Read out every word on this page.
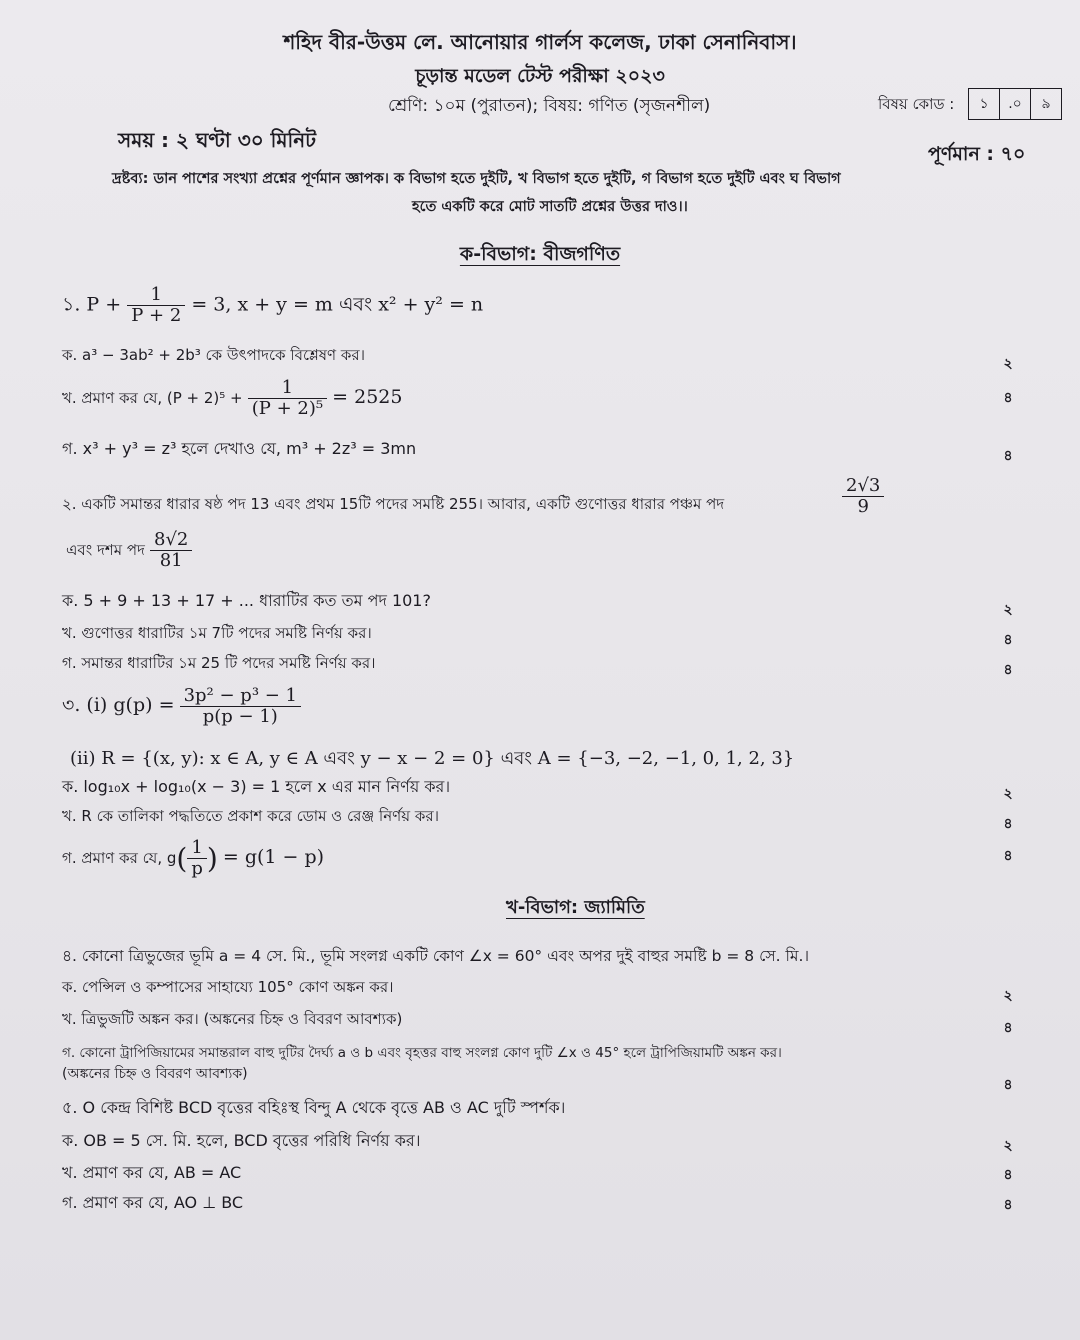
শহিদ বীর-উত্তম লে. আনোয়ার গার্লস কলেজ, ঢাকা সেনানিবাস।
চূড়ান্ত মডেল টেস্ট পরীক্ষা ২০২৩
শ্রেণি: ১০ম (পুরাতন); বিষয়: গণিত (সৃজনশীল)	বিষয় কোড :	১	.০	৯
সময় : ২ ঘণ্টা ৩০ মিনিট
পূর্ণমান : ৭০
দ্রষ্টব্য: ডান পাশের সংখ্যা প্রশ্নের পূর্ণমান জ্ঞাপক। ক বিভাগ হতে দুইটি, খ বিভাগ হতে দুইটি, গ বিভাগ হতে দুইটি এবং ঘ বিভাগ
হতে একটি করে মোট সাতটি প্রশ্নের উত্তর দাও।।
ক-বিভাগ: বীজগণিত
১. $P + \frac{1}{P + 2} = 3$, x + y = m এবং x² + y² = n
ক. a³ − 3ab² + 2b³ কে উৎপাদকে বিশ্লেষণ কর।	২
খ. প্রমাণ কর যে, $(P + 2)^5 + \frac{1}{\text{(P + 2)⁵}} = 2525$	৪
গ. x³ + y³ = z³ হলে দেখাও যে, m³ + 2z³ = 3mn	৪
২. একটি সমান্তর ধারার ষষ্ঠ পদ 13 এবং প্রথম 15টি পদের সমষ্টি 255। আবার, একটি গুণোত্তর ধারার পঞ্চম পদ	$\frac{2√3}{9}$
এবং দশম পদ $\frac{8√2}{81}$
ক. 5 + 9 + 13 + 17 + ... ধারাটির কত তম পদ 101?	২
খ. গুণোত্তর ধারাটির ১ম 7টি পদের সমষ্টি নির্ণয় কর।	৪
গ. সমান্তর ধারাটির ১ম 25 টি পদের সমষ্টি নির্ণয় কর।	৪
৩. (i) $g(p) = \frac{\text{3p² − p³ − 1}}{p(p - 1)}$
(ii) R = {(x, y): x ∈ A, y ∈ A এবং y − x − 2 = 0} এবং A = {−3, −2, −1, 0, 1, 2, 3}
ক. log₁₀x + log₁₀(x − 3) = 1 হলে x এর মান নির্ণয় কর।	২
খ. R কে তালিকা পদ্ধতিতে প্রকাশ করে ডোম ও রেঞ্জ নির্ণয় কর।	৪
গ. প্রমাণ কর যে, $g( \frac{1}{p}$ ) = g(1 − p)	৪
খ-বিভাগ: জ্যামিতি
৪. কোনো ত্রিভুজের ভূমি a = 4 সে. মি., ভূমি সংলগ্ন একটি কোণ ∠x = 60° এবং অপর দুই বাহুর সমষ্টি b = 8 সে. মি.।
ক. পেন্সিল ও কম্পাসের সাহায্যে 105° কোণ অঙ্কন কর।	২
খ. ত্রিভুজটি অঙ্কন কর। (অঙ্কনের চিহ্ন ও বিবরণ আবশ্যক)	৪
গ. কোনো ট্রাপিজিয়ামের সমান্তরাল বাহু দুটির দৈর্ঘ্য a ও b এবং বৃহত্তর বাহু সংলগ্ন কোণ দুটি ∠x ও 45° হলে ট্রাপিজিয়ামটি অঙ্কন কর।
(অঙ্কনের চিহ্ন ও বিবরণ আবশ্যক)
৪
৫. O কেন্দ্র বিশিষ্ট BCD বৃত্তের বহিঃস্থ বিন্দু A থেকে বৃত্তে AB ও AC দুটি স্পর্শক।
ক. OB = 5 সে. মি. হলে, BCD বৃত্তের পরিধি নির্ণয় কর।	২
খ. প্রমাণ কর যে, AB = AC	৪
গ. প্রমাণ কর যে, AO ⊥ BC	৪
